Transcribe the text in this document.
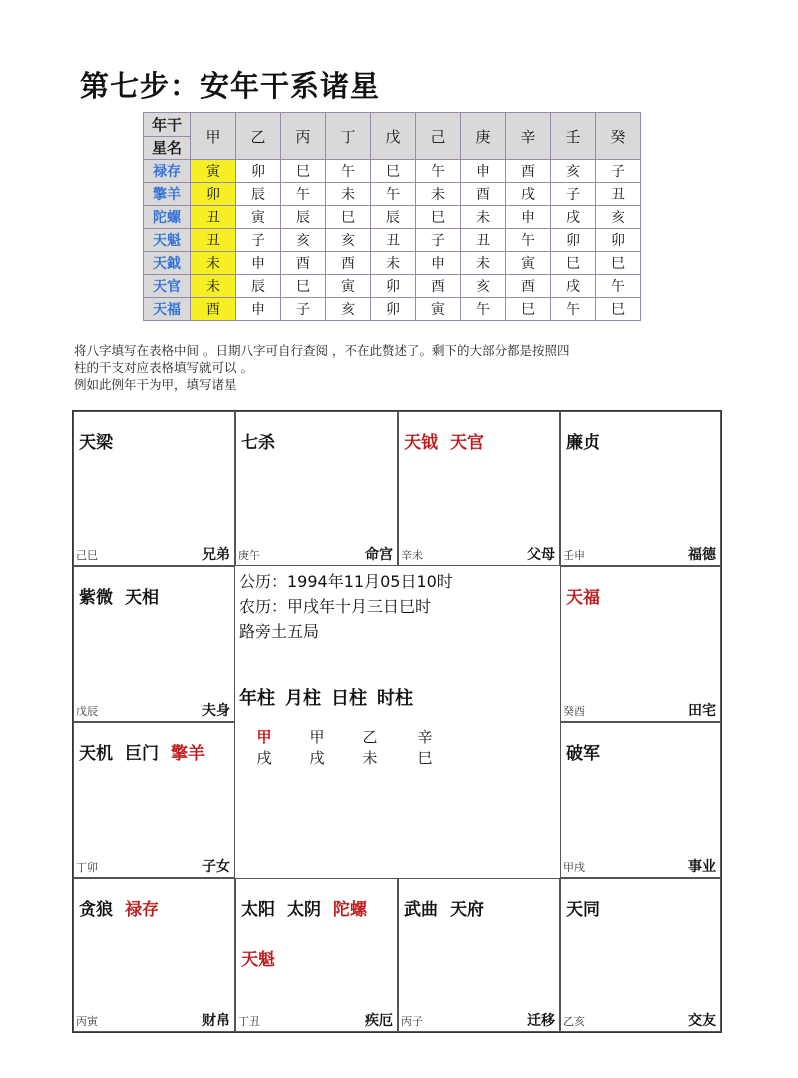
第七步：安年干系诸星
年干
星名	甲	乙	丙	丁	戊	己	庚	辛	壬	癸
禄存	寅	卯	巳	午	巳	午	申	酉	亥	子
擎羊	卯	辰	午	未	午	未	酉	戌	子	丑
陀螺	丑	寅	辰	巳	辰	巳	未	申	戌	亥
天魁	丑	子	亥	亥	丑	子	丑	午	卯	卯
天鉞	未	申	酉	酉	未	申	未	寅	巳	巳
天官	未	辰	巳	寅	卯	酉	亥	酉	戌	午
天福	酉	申	子	亥	卯	寅	午	巳	午	巳
将八字填写在表格中间 。日期八字可自行查阅 ，不在此赘述了。剩下的大部分都是按照四
柱的干支对应表格填写就可以 。
例如此例年干为甲，填写诸星
天梁
己巳	兄弟
七杀
庚午	命宫
天钺 天官
辛未	父母
廉贞
壬申	福德
紫微 天相
戊辰	夫身
天机 巨门 擎羊
丁卯	子女
天福
癸酉	田宅
破军
甲戌	事业
贪狼 禄存
丙寅	财帛
太阳 太阴 陀螺
天魁
丁丑	疾厄
武曲 天府
丙子	迁移
天同
乙亥	交友
公历：1994年11月05日10时
农历：甲戌年十月三日巳时
路旁土五局
年柱 月柱 日柱 时柱
甲	甲	乙	辛
戌	戌	未	巳
